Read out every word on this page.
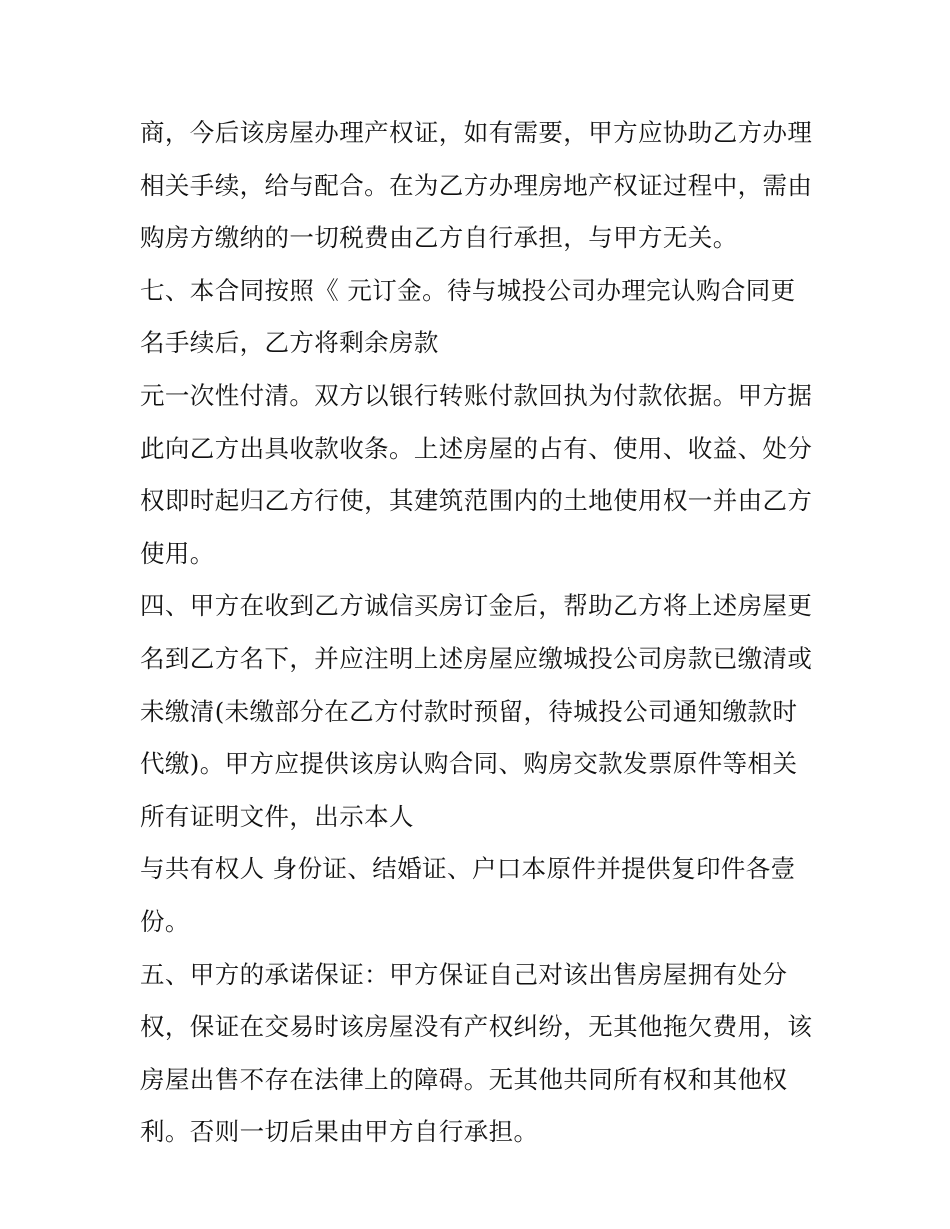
商，今后该房屋办理产权证，如有需要，甲方应协助乙方办理
相关手续，给与配合。在为乙方办理房地产权证过程中，需由
购房方缴纳的一切税费由乙方自行承担，与甲方无关。
七、本合同按照《 元订金。待与城投公司办理完认购合同更
名手续后，乙方将剩余房款
元一次性付清。双方以银行转账付款回执为付款依据。甲方据
此向乙方出具收款收条。上述房屋的占有、使用、收益、处分
权即时起归乙方行使，其建筑范围内的土地使用权一并由乙方
使用。
四、甲方在收到乙方诚信买房订金后，帮助乙方将上述房屋更
名到乙方名下，并应注明上述房屋应缴城投公司房款已缴清或
未缴清(未缴部分在乙方付款时预留，待城投公司通知缴款时
代缴)。甲方应提供该房认购合同、购房交款发票原件等相关
所有证明文件，出示本人
与共有权人 身份证、结婚证、户口本原件并提供复印件各壹
份。
五、甲方的承诺保证：甲方保证自己对该出售房屋拥有处分
权，保证在交易时该房屋没有产权纠纷，无其他拖欠费用，该
房屋出售不存在法律上的障碍。无其他共同所有权和其他权
利。否则一切后果由甲方自行承担。
